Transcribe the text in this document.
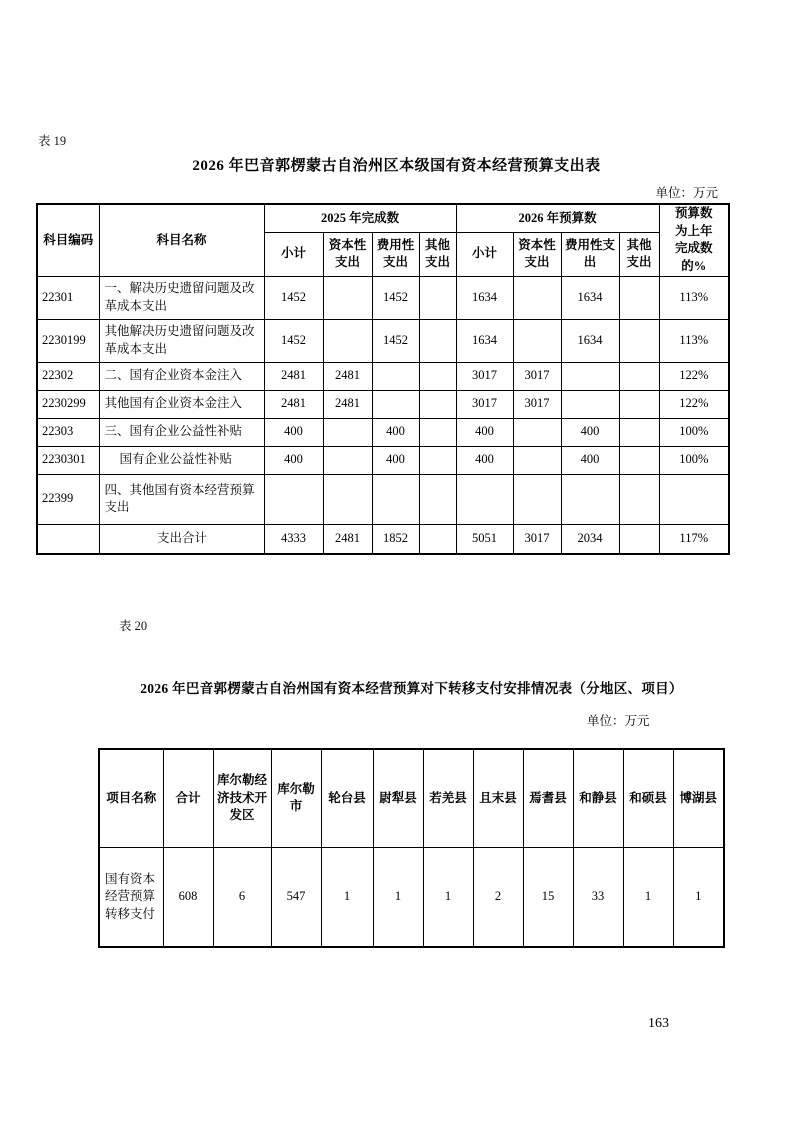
表 19
2026 年巴音郭楞蒙古自治州区本级国有资本经营预算支出表
单位：万元
科目编码	科目名称	2025 年完成数				2026 年预算数				预算数为上年完成数的%
		小计	资本性支出	费用性支出	其他支出	小计	资本性支出	费用性支出	其他支出	
22301	一、解决历史遗留问题及改革成本支出	1452		1452		1634		1634		113%
2230199	其他解决历史遗留问题及改革成本支出	1452		1452		1634		1634		113%
22302	二、国有企业资本金注入	2481	2481			3017	3017			122%
2230299	其他国有企业资本金注入	2481	2481			3017	3017			122%
22303	三、国有企业公益性补贴	400		400		400		400		100%
2230301	国有企业公益性补贴	400		400		400		400		100%
22399	四、其他国有资本经营预算支出									
	支出合计	4333	2481	1852		5051	3017	2034		117%
表 20
2026 年巴音郭楞蒙古自治州国有资本经营预算对下转移支付安排情况表（分地区、项目）
单位：万元
项目名称	合计	库尔勒经济技术开发区	库尔勒市	轮台县	尉犁县	若羌县	且末县	焉耆县	和静县	和硕县	博湖县
国有资本经营预算转移支付	608	6	547	1	1	1	2	15	33	1	1
163
